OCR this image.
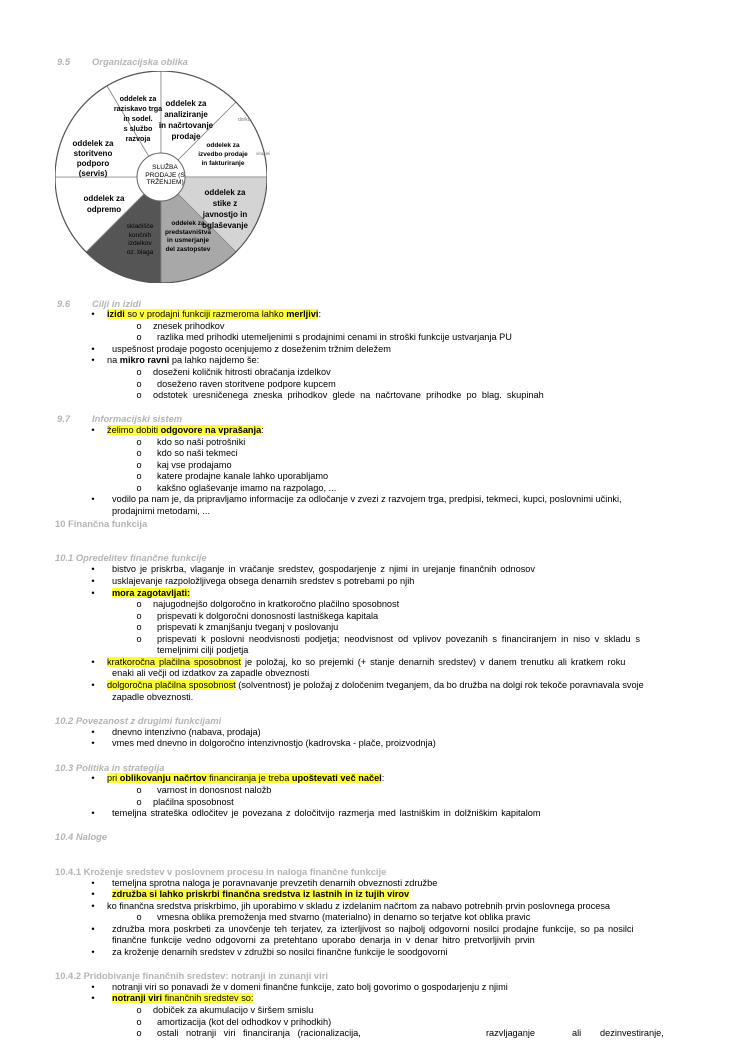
9.5 Organizacijska oblika
SLUŽBA PRODAJE (S TRŽENJEM)
oddelek za
raziskavo trga
in sodel.
s službo
razvoja
oddelek za
analiziranje
in načrtovanje
prodaje
dorka
oddelek za
storitveno
podporo (servis)
oddelek za
izvedbo prodaje
in fakturiranje
vitagini
oddelek za
odpremo
oddelek za
stike z javnostjo in
oglaševanje
skladišče
končnih
izdelkov
oz. blaga
oddelek za
predstavništva
in usmerjanje
del zastopstev
9.6 Cilji in izidi
•	izidi so v prodajni funkciji razmeroma lahko merljivi:
o znesek prihodkov
o razlika med prihodki utemeljenimi s prodajnimi cenami in stroški funkcije ustvarjanja PU
•	uspešnost prodaje pogosto ocenjujemo z doseženim tržnim deležem
•	na mikro ravni pa lahko najdemo še:
o doseženi količnik hitrosti obračanja izdelkov
o doseženo raven storitvene podpore kupcem
o odstotek uresničenega zneska prihodkov glede na načrtovane prihodke po blag. skupinah
9.7 Informacijski sistem
•	želimo dobiti odgovore na vprašanja:
o kdo so naši potrošniki
o kdo so naši tekmeci
o kaj vse prodajamo
o katere prodajne kanale lahko uporabljamo
o kakšno oglaševanje imamo na razpolago, ...
•	vodilo pa nam je, da pripravljamo informacije za odločanje v zvezi z razvojem trga, predpisi, tekmeci, kupci, poslovnimi učinki,
prodajnimi metodami, ...
10 Finančna funkcija
10.1 Opredelitev finančne funkcije
•	bistvo je priskrba, vlaganje in vračanje sredstev, gospodarjenje z njimi in urejanje finančnih odnosov
•	usklajevanje razpoložljivega obsega denarnih sredstev s potrebami po njih
•	mora zagotavljati:
o najugodnejšo dolgoročno in kratkoročno plačilno sposobnost
o prispevati k dolgoročni donosnosti lastniškega kapitala
o prispevati k zmanjšanju tveganj v poslovanju
o prispevati k poslovni neodvisnosti podjetja; neodvisnost od vplivov povezanih s financiranjem in niso v skladu s
temeljnimi cilji podjetja
•	kratkoročna plačilna sposobnost je položaj, ko so prejemki (+ stanje denarnih sredstev) v danem trenutku ali kratkem roku
enaki ali večji od izdatkov za zapadle obveznosti
•	dolgoročna plačilna sposobnost (solventnost) je položaj z določenim tveganjem, da bo družba na dolgi rok tekoče poravnavala svoje
zapadle obveznosti.
10.2 Povezanost z drugimi funkcijami
•	dnevno intenzivno (nabava, prodaja)
•	vmes med dnevno in dolgoročno intenzivnostjo (kadrovska - plače, proizvodnja)
10.3 Politika in strategija
•	pri oblikovanju načrtov financiranja je treba upoštevati več načel:
o varnost in donosnost naložb
o plačilna sposobnost
•	temeljna strateška odločitev je povezana z določitvijo razmerja med lastniškim in dolžniškim kapitalom
10.4 Naloge
10.4.1 Kroženje sredstev v poslovnem procesu in naloga finančne funkcije
•	temeljna sprotna naloga je poravnavanje prevzetih denarnih obveznosti združbe
•	združba si lahko priskrbi finančna sredstva iz lastnih in iz tujih virov
•	ko finančna sredstva priskrbimo, jih uporabimo v skladu z izdelanim načrtom za nabavo potrebnih prvin poslovnega procesa
o vmesna oblika premoženja med stvarno (materialno) in denarno so terjatve kot oblika pravic
•	združba mora poskrbeti za unovčenje teh terjatev, za izterljivost so najbolj odgovorni nosilci prodajne funkcije, so pa nosilci
finančne funkcije vedno odgovorni za pretehtano uporabo denarja in v denar hitro pretvorljivih prvin
•	za kroženje denarnih sredstev v združbi so nosilci finančne funkcije le soodgovorni
10.4.2 Pridobivanje finančnih sredstev: notranji in zunanji viri
•	notranji viri so ponavadi že v domeni finančne funkcije, zato bolj govorimo o gospodarjenju z njimi
•	notranji viri finančnih sredstev so:
o dobiček za akumulacijo v širšem smislu
o amortizacija (kot del odhodkov v prihodkih)
o ostali notranji viri financiranja (racionalizacija,	razvljaganje	ali dezinvestiranje,
